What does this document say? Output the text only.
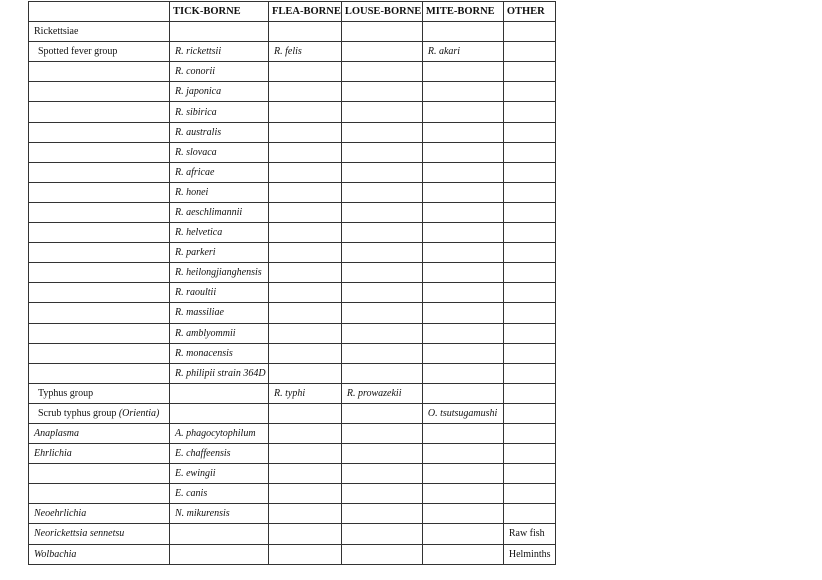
	TICK-BORNE	FLEA-BORNE	LOUSE-BORNE	MITE-BORNE	OTHER
Rickettsiae					
Spotted fever group	R. rickettsii	R. felis		R. akari	
	R. conorii				
	R. japonica				
	R. sibirica				
	R. australis				
	R. slovaca				
	R. africae				
	R. honei				
	R. aeschlimannii				
	R. helvetica				
	R. parkeri				
	R. heilongjianghensis				
	R. raoultii				
	R. massiliae				
	R. amblyommii				
	R. monacensis				
	R. philipii strain 364D				
Typhus group		R. typhi	R. prowazekii		
Scrub typhus group (Orientia)				O. tsutsugamushi	
Anaplasma	A. phagocytophilum				
Ehrlichia	E. chaffeensis				
	E. ewingii				
	E. canis				
Neoehrlichia	N. mikurensis				
Neorickettsia sennetsu					Raw fish
Wolbachia					Helminths
